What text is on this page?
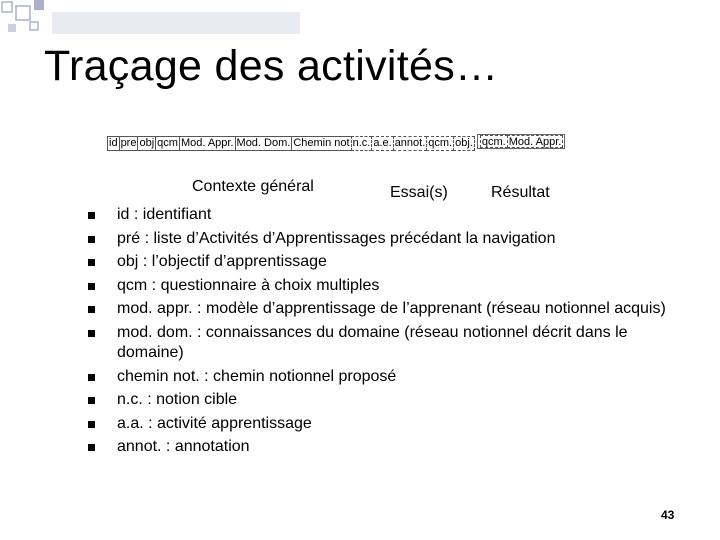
Traçage des activités…
id pre obj qcm Mod. Appr. Mod. Dom. Chemin not n.c. a.e. annot. qcm. obj. qcm. Mod. Appr.
Contexte général	Essai(s)	Résultat
id : identifiant
pré : liste d’Activités d’Apprentissages précédant la navigation
obj : l’objectif d’apprentissage
qcm : questionnaire à choix multiples
mod. appr. : modèle d’apprentissage de l’apprenant (réseau notionnel acquis)
mod. dom. : connaissances du domaine (réseau notionnel décrit dans le domaine)
chemin not. : chemin notionnel proposé
n.c. : notion cible
a.a. : activité apprentissage
annot. : annotation
43
